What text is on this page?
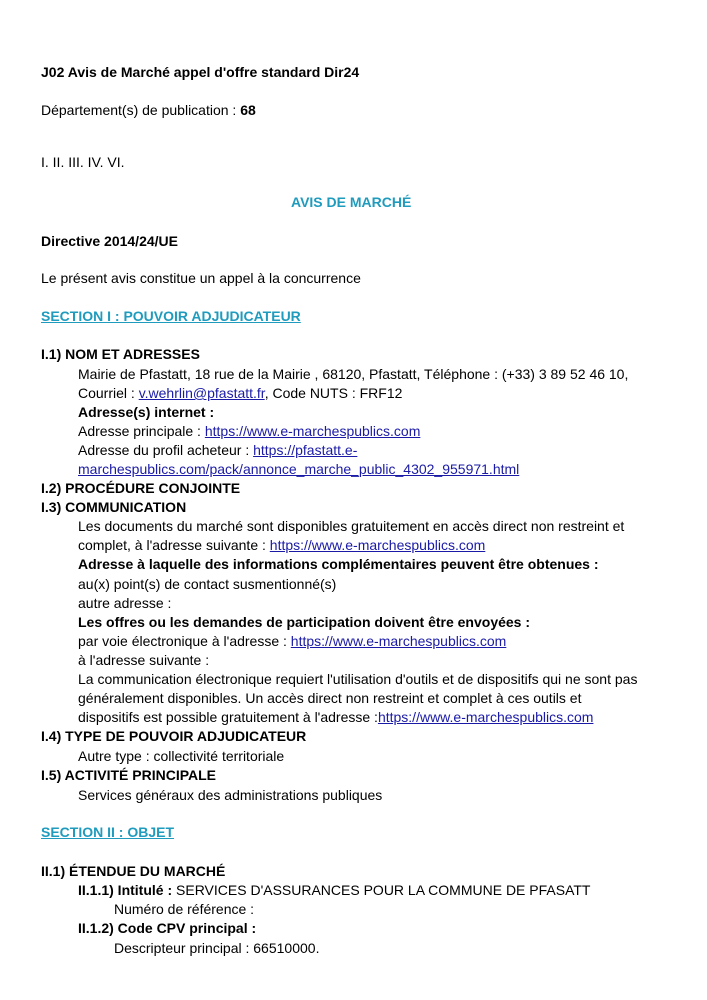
J02 Avis de Marché appel d'offre standard Dir24
Département(s) de publication : 68
I. II. III. IV. VI.
AVIS DE MARCHÉ
Directive 2014/24/UE
Le présent avis constitue un appel à la concurrence
SECTION I : POUVOIR ADJUDICATEUR
I.1) NOM ET ADRESSES
Mairie de Pfastatt, 18 rue de la Mairie , 68120, Pfastatt, Téléphone : (+33) 3 89 52 46 10,
Courriel : v.wehrlin@pfastatt.fr, Code NUTS : FRF12
Adresse(s) internet :
Adresse principale : https://www.e-marchespublics.com
Adresse du profil acheteur : https://pfastatt.e-
marchespublics.com/pack/annonce_marche_public_4302_955971.html
I.2) PROCÉDURE CONJOINTE
I.3) COMMUNICATION
Les documents du marché sont disponibles gratuitement en accès direct non restreint et
complet, à l'adresse suivante : https://www.e-marchespublics.com
Adresse à laquelle des informations complémentaires peuvent être obtenues :
au(x) point(s) de contact susmentionné(s)
autre adresse :
Les offres ou les demandes de participation doivent être envoyées :
par voie électronique à l'adresse : https://www.e-marchespublics.com
à l'adresse suivante :
La communication électronique requiert l'utilisation d'outils et de dispositifs qui ne sont pas
généralement disponibles. Un accès direct non restreint et complet à ces outils et
dispositifs est possible gratuitement à l'adresse :https://www.e-marchespublics.com
I.4) TYPE DE POUVOIR ADJUDICATEUR
Autre type : collectivité territoriale
I.5) ACTIVITÉ PRINCIPALE
Services généraux des administrations publiques
SECTION II : OBJET
II.1) ÉTENDUE DU MARCHÉ
II.1.1) Intitulé : SERVICES D'ASSURANCES POUR LA COMMUNE DE PFASATT
Numéro de référence :
II.1.2) Code CPV principal :
Descripteur principal : 66510000.
